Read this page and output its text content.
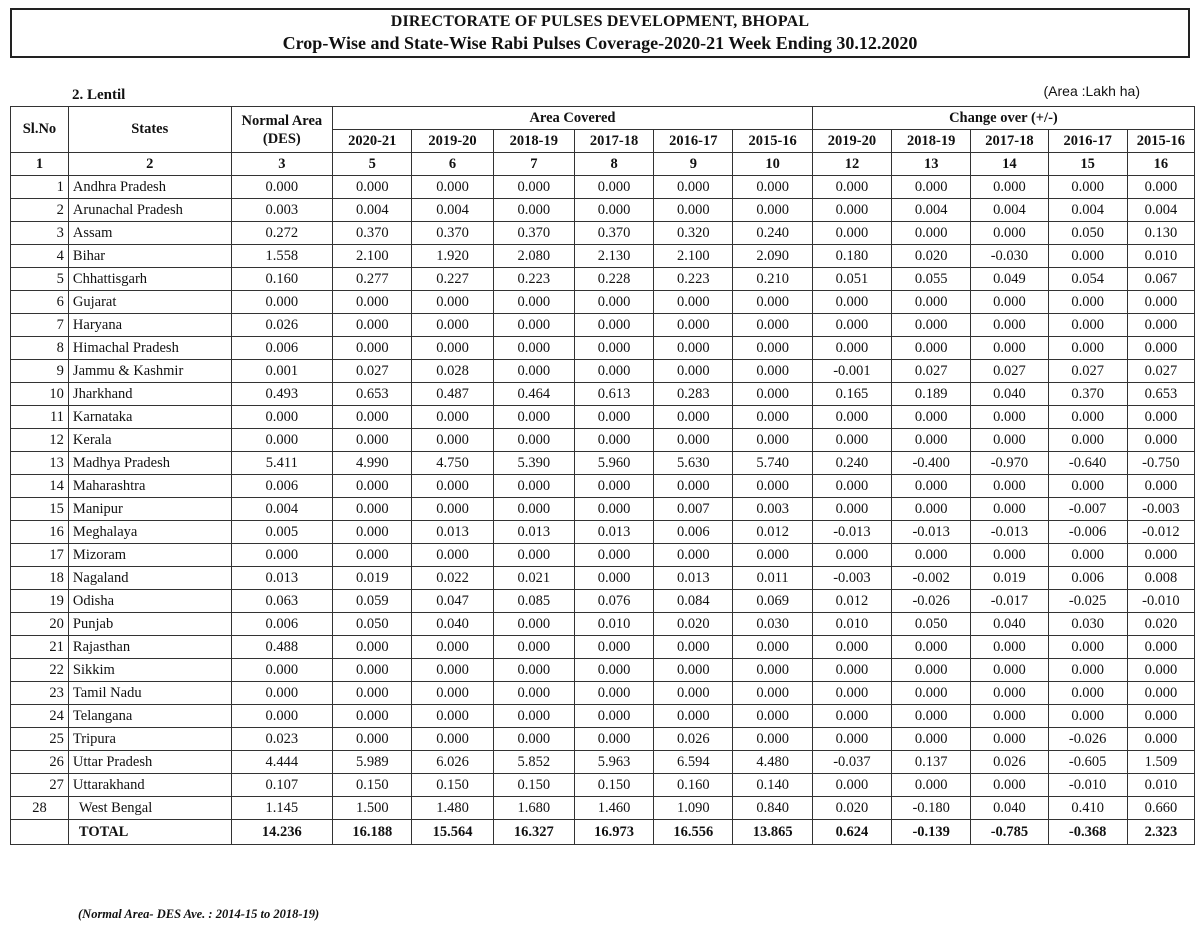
DIRECTORATE OF PULSES DEVELOPMENT, BHOPAL
Crop-Wise and State-Wise Rabi Pulses Coverage-2020-21 Week Ending 30.12.2020
2. Lentil	(Area :Lakh ha)
Sl.No	States	Normal Area (DES)	Area Covered						Change over (+/-)				
			2020-21	2019-20	2018-19	2017-18	2016-17	2015-16	2019-20	2018-19	2017-18	2016-17	2015-16
1	2	3	5	6	7	8	9	10	12	13	14	15	16
1	Andhra Pradesh	0.000	0.000	0.000	0.000	0.000	0.000	0.000	0.000	0.000	0.000	0.000	0.000
2	Arunachal Pradesh	0.003	0.004	0.004	0.000	0.000	0.000	0.000	0.000	0.004	0.004	0.004	0.004
3	Assam	0.272	0.370	0.370	0.370	0.370	0.320	0.240	0.000	0.000	0.000	0.050	0.130
4	Bihar	1.558	2.100	1.920	2.080	2.130	2.100	2.090	0.180	0.020	-0.030	0.000	0.010
5	Chhattisgarh	0.160	0.277	0.227	0.223	0.228	0.223	0.210	0.051	0.055	0.049	0.054	0.067
6	Gujarat	0.000	0.000	0.000	0.000	0.000	0.000	0.000	0.000	0.000	0.000	0.000	0.000
7	Haryana	0.026	0.000	0.000	0.000	0.000	0.000	0.000	0.000	0.000	0.000	0.000	0.000
8	Himachal Pradesh	0.006	0.000	0.000	0.000	0.000	0.000	0.000	0.000	0.000	0.000	0.000	0.000
9	Jammu & Kashmir	0.001	0.027	0.028	0.000	0.000	0.000	0.000	-0.001	0.027	0.027	0.027	0.027
10	Jharkhand	0.493	0.653	0.487	0.464	0.613	0.283	0.000	0.165	0.189	0.040	0.370	0.653
11	Karnataka	0.000	0.000	0.000	0.000	0.000	0.000	0.000	0.000	0.000	0.000	0.000	0.000
12	Kerala	0.000	0.000	0.000	0.000	0.000	0.000	0.000	0.000	0.000	0.000	0.000	0.000
13	Madhya Pradesh	5.411	4.990	4.750	5.390	5.960	5.630	5.740	0.240	-0.400	-0.970	-0.640	-0.750
14	Maharashtra	0.006	0.000	0.000	0.000	0.000	0.000	0.000	0.000	0.000	0.000	0.000	0.000
15	Manipur	0.004	0.000	0.000	0.000	0.000	0.007	0.003	0.000	0.000	0.000	-0.007	-0.003
16	Meghalaya	0.005	0.000	0.013	0.013	0.013	0.006	0.012	-0.013	-0.013	-0.013	-0.006	-0.012
17	Mizoram	0.000	0.000	0.000	0.000	0.000	0.000	0.000	0.000	0.000	0.000	0.000	0.000
18	Nagaland	0.013	0.019	0.022	0.021	0.000	0.013	0.011	-0.003	-0.002	0.019	0.006	0.008
19	Odisha	0.063	0.059	0.047	0.085	0.076	0.084	0.069	0.012	-0.026	-0.017	-0.025	-0.010
20	Punjab	0.006	0.050	0.040	0.000	0.010	0.020	0.030	0.010	0.050	0.040	0.030	0.020
21	Rajasthan	0.488	0.000	0.000	0.000	0.000	0.000	0.000	0.000	0.000	0.000	0.000	0.000
22	Sikkim	0.000	0.000	0.000	0.000	0.000	0.000	0.000	0.000	0.000	0.000	0.000	0.000
23	Tamil Nadu	0.000	0.000	0.000	0.000	0.000	0.000	0.000	0.000	0.000	0.000	0.000	0.000
24	Telangana	0.000	0.000	0.000	0.000	0.000	0.000	0.000	0.000	0.000	0.000	0.000	0.000
25	Tripura	0.023	0.000	0.000	0.000	0.000	0.026	0.000	0.000	0.000	0.000	-0.026	0.000
26	Uttar Pradesh	4.444	5.989	6.026	5.852	5.963	6.594	4.480	-0.037	0.137	0.026	-0.605	1.509
27	Uttarakhand	0.107	0.150	0.150	0.150	0.150	0.160	0.140	0.000	0.000	0.000	-0.010	0.010
28	West Bengal	1.145	1.500	1.480	1.680	1.460	1.090	0.840	0.020	-0.180	0.040	0.410	0.660
	TOTAL	14.236	16.188	15.564	16.327	16.973	16.556	13.865	0.624	-0.139	-0.785	-0.368	2.323
(Normal Area- DES Ave. : 2014-15 to 2018-19)
